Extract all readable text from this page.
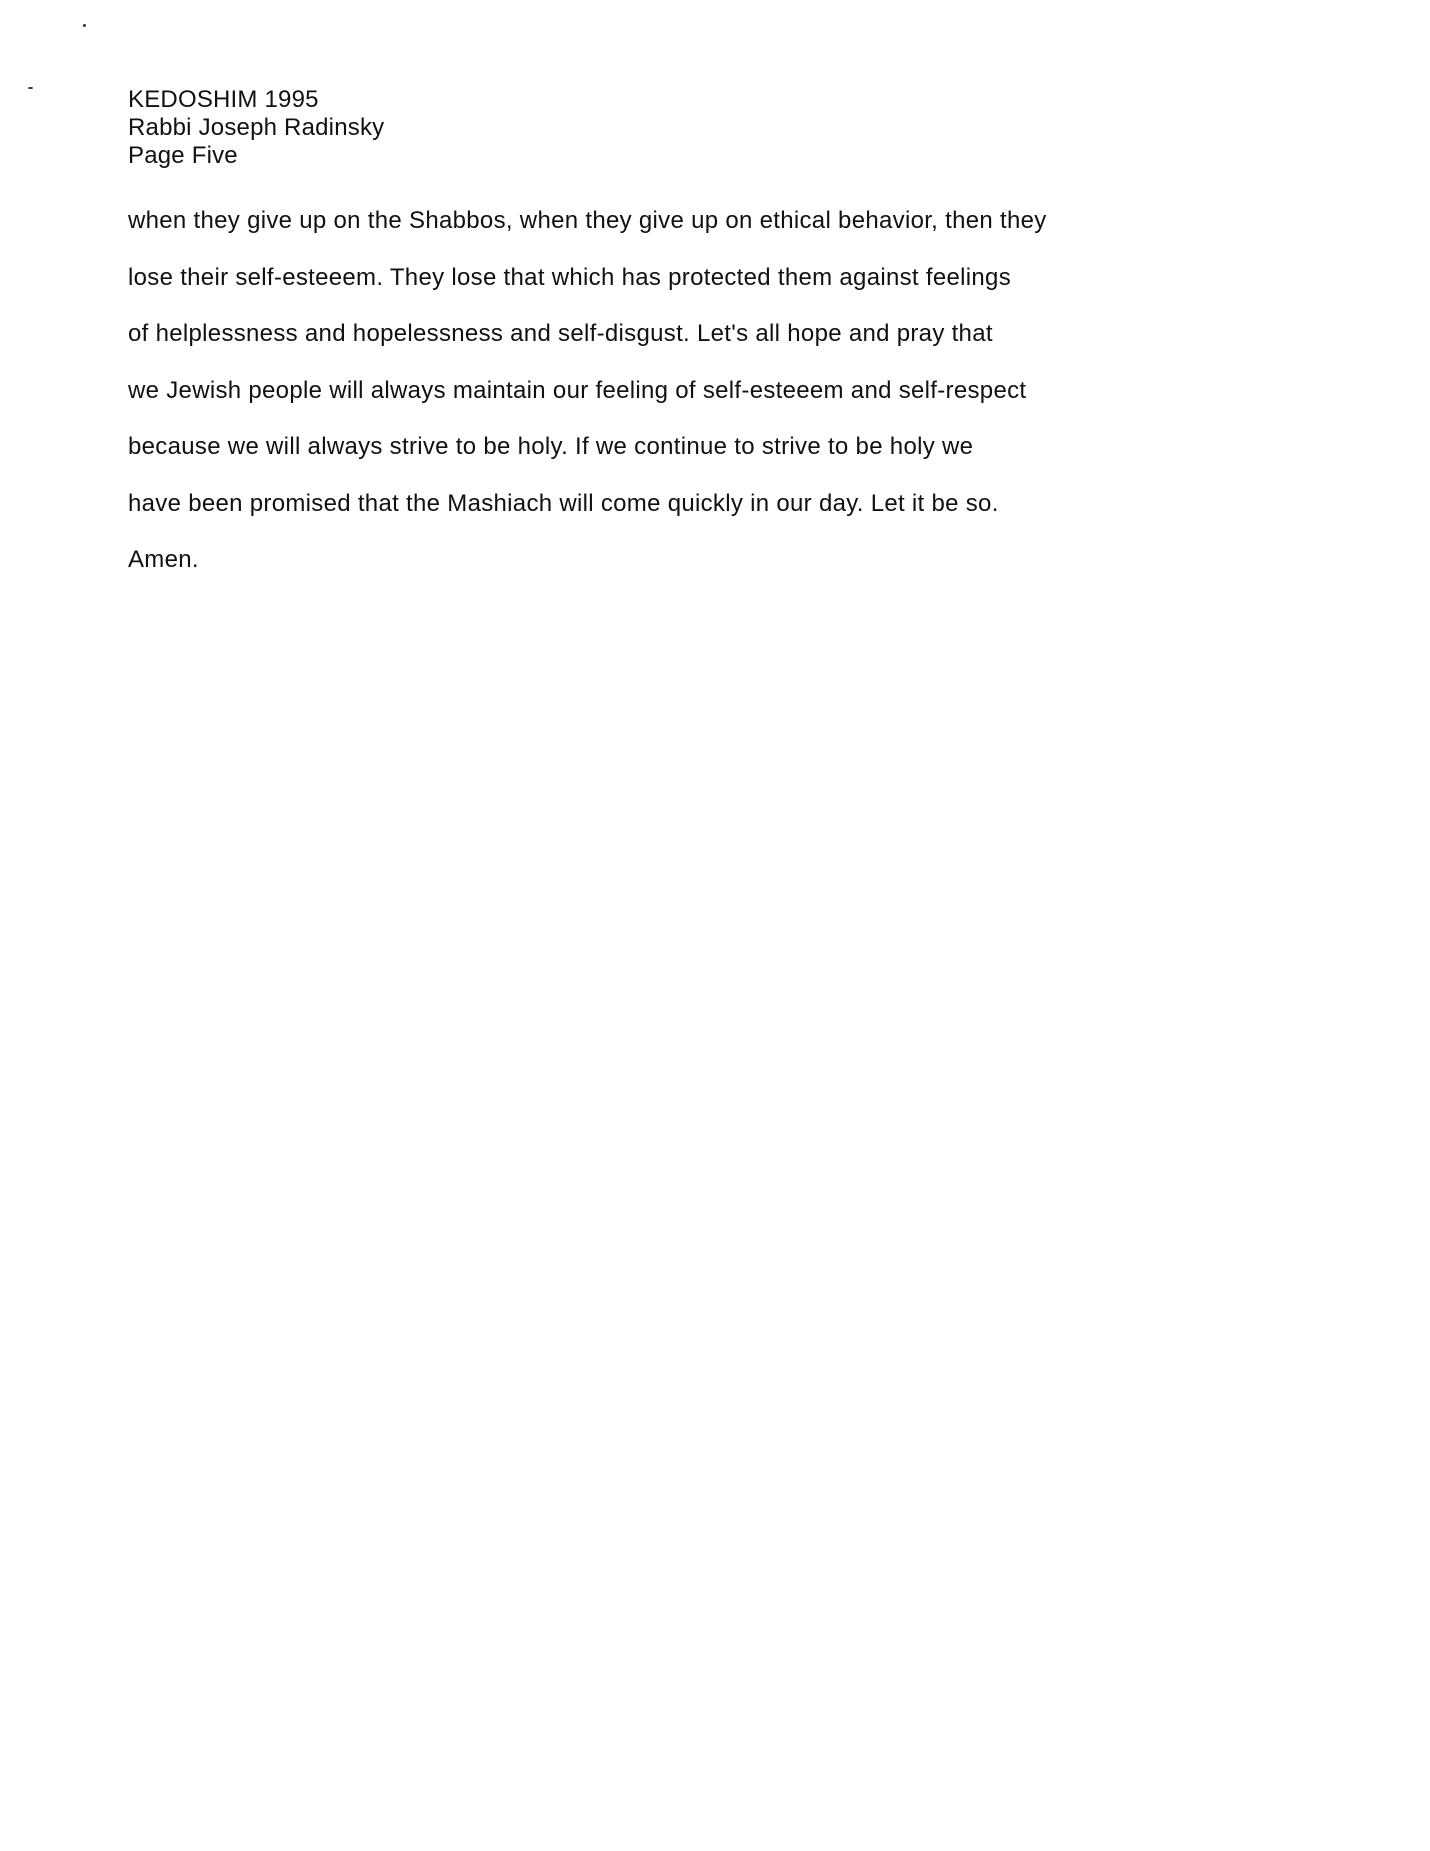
KEDOSHIM 1995
Rabbi Joseph Radinsky
Page Five
when they give up on the Shabbos, when they give up on ethical behavior, then they
lose their self-esteeem. They lose that which has protected them against feelings
of helplessness and hopelessness and self-disgust. Let's all hope and pray that
we Jewish people will always maintain our feeling of self-esteeem and self-respect
because we will always strive to be holy. If we continue to strive to be holy we
have been promised that the Mashiach will come quickly in our day. Let it be so.
Amen.
